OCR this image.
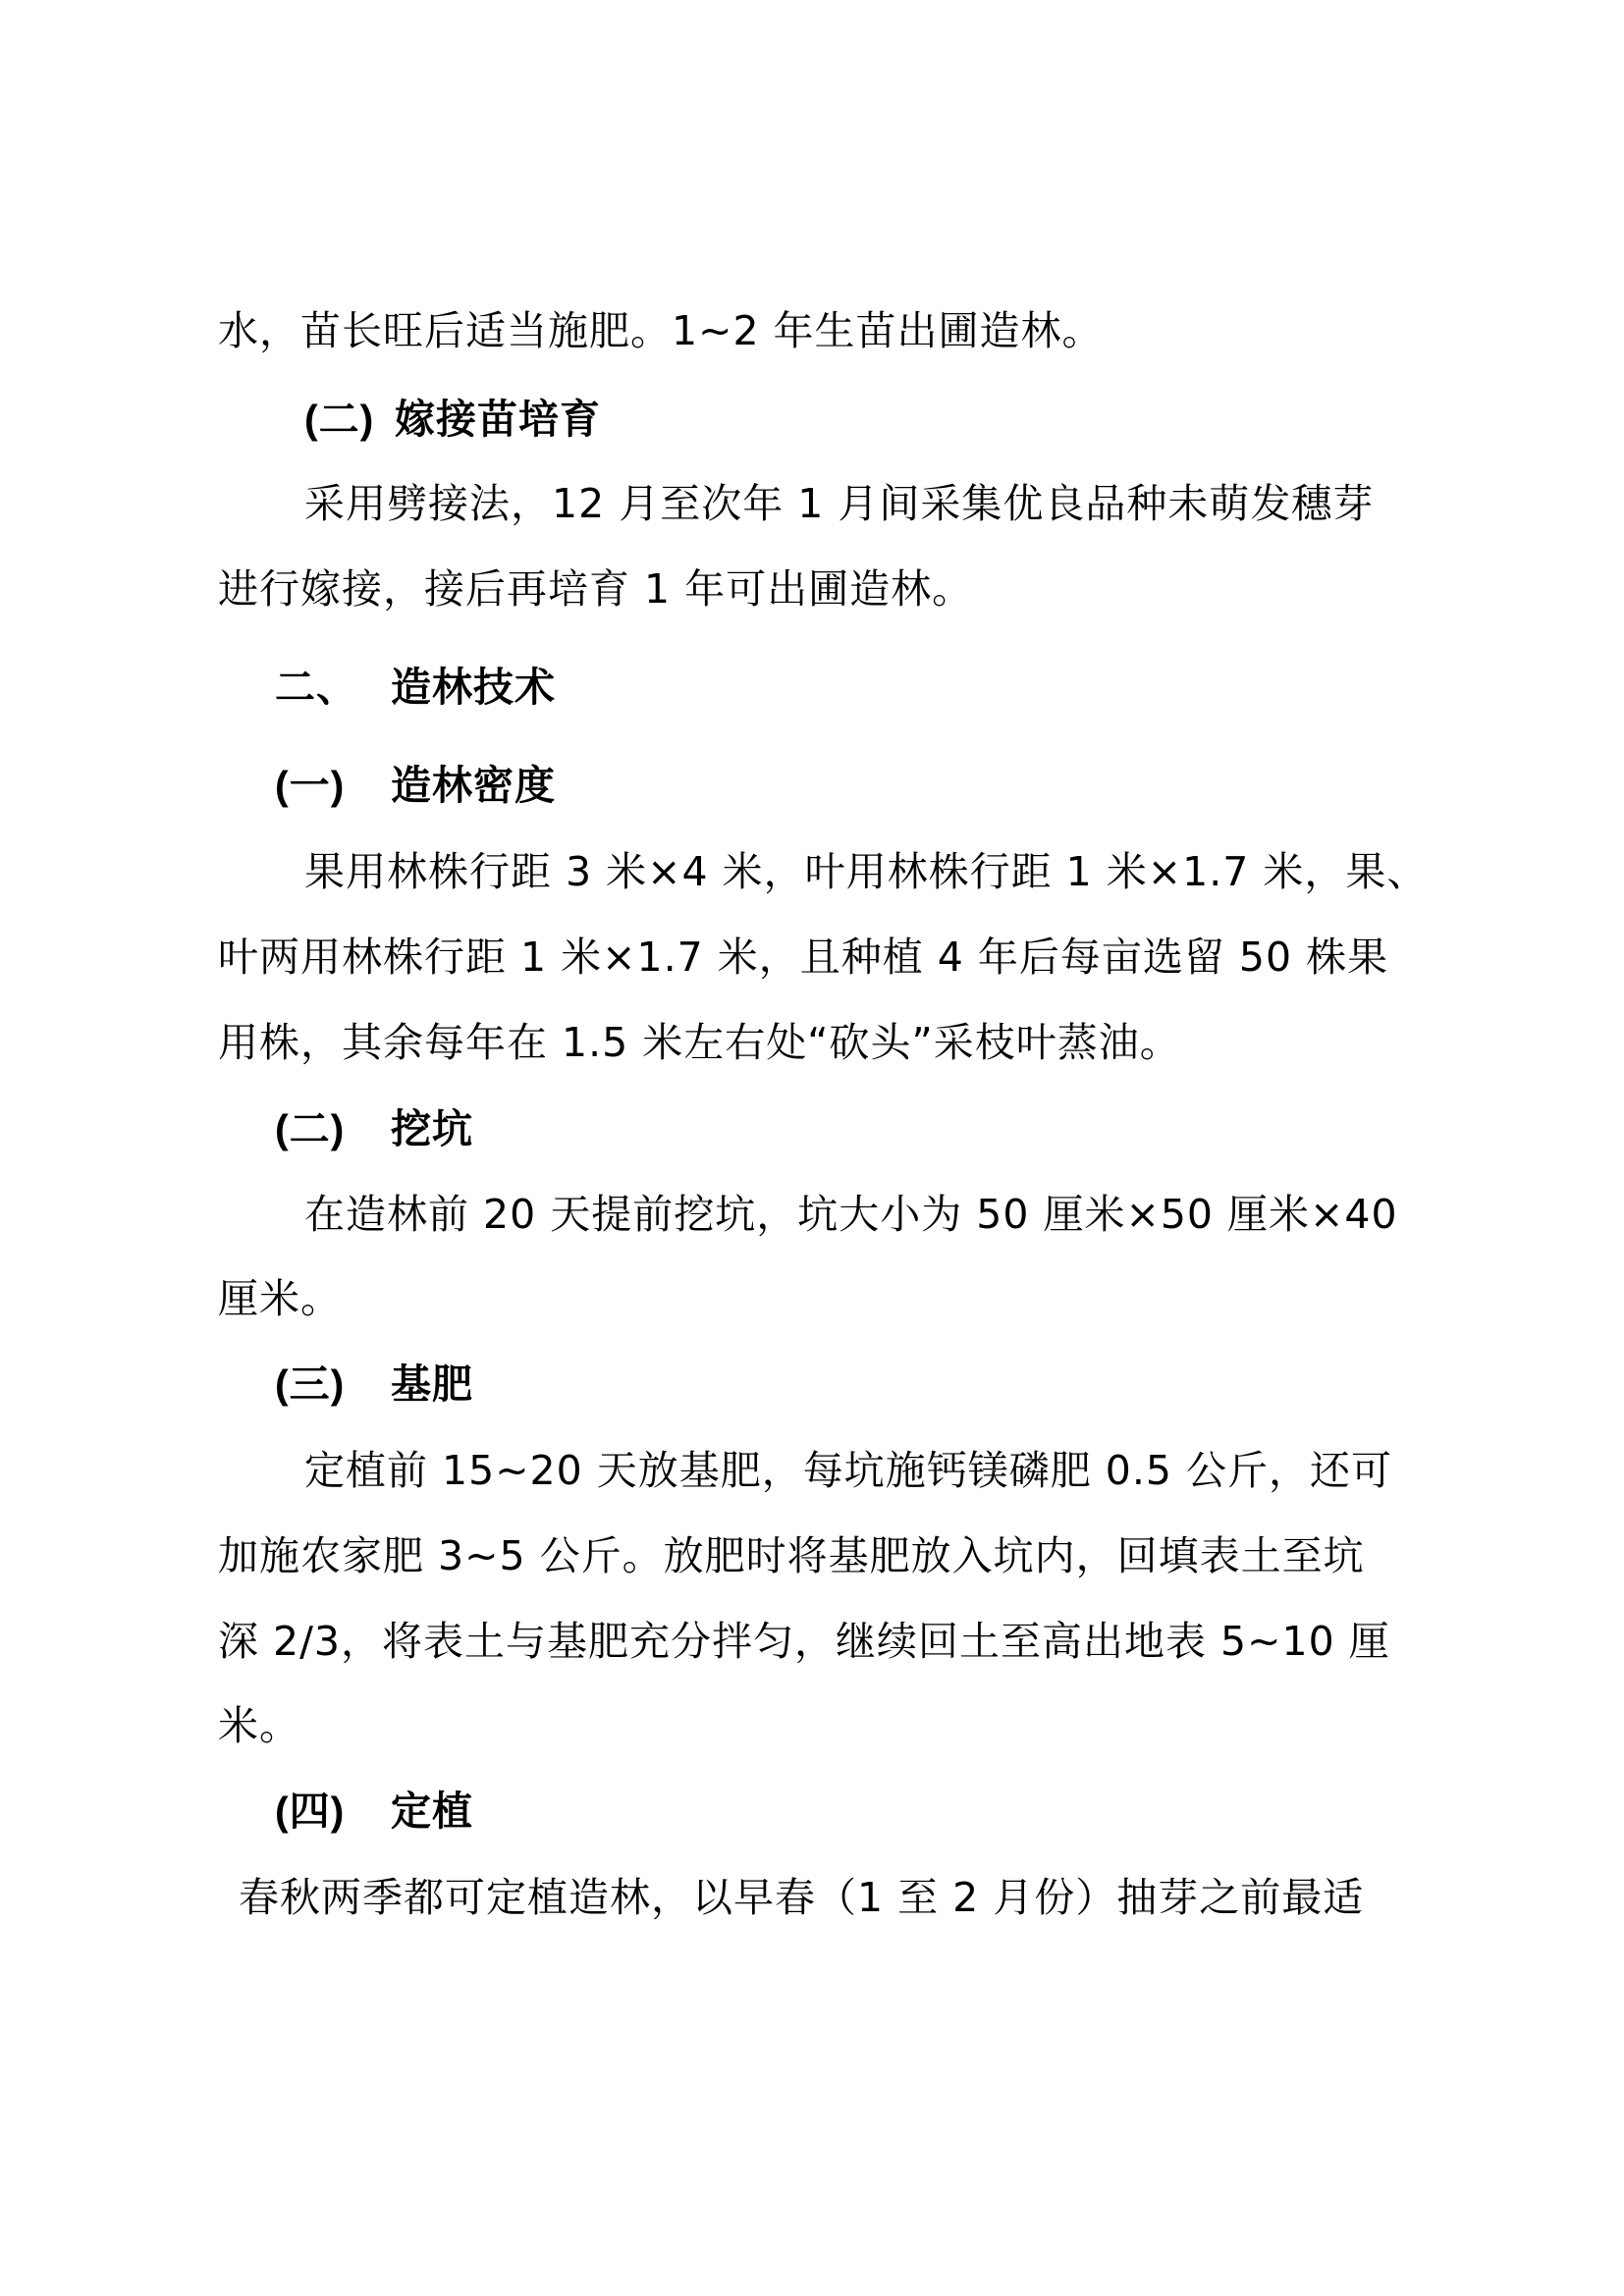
水，苗长旺后适当施肥。1~2 年生苗出圃造林。

(二) 嫁接苗培育

采用劈接法，12 月至次年 1 月间采集优良品种未萌发穗芽

进行嫁接，接后再培育 1 年可出圃造林。

二、 造林技术
(一) 造林密度

果用林株行距 3 米×4 米，叶用林株行距 1 米×1.7 米，果、

叶两用林株行距 1 米×1.7 米，且种植 4 年后每亩选留 50 株果

用株，其余每年在 1.5 米左右处“砍头”采枝叶蒸油。

(二) 挖坑

在造林前 20 天提前挖坑，坑大小为 50 厘米×50 厘米×40

厘米。

(三) 基肥

定植前 15~20 天放基肥，每坑施钙镁磷肥 0.5 公斤，还可

加施农家肥 3~5 公斤。放肥时将基肥放入坑内，回填表土至坑

深 2/3，将表土与基肥充分拌匀，继续回土至高出地表 5~10 厘

米。

(四) 定植

春秋两季都可定植造林，以早春（1 至 2 月份）抽芽之前最适
